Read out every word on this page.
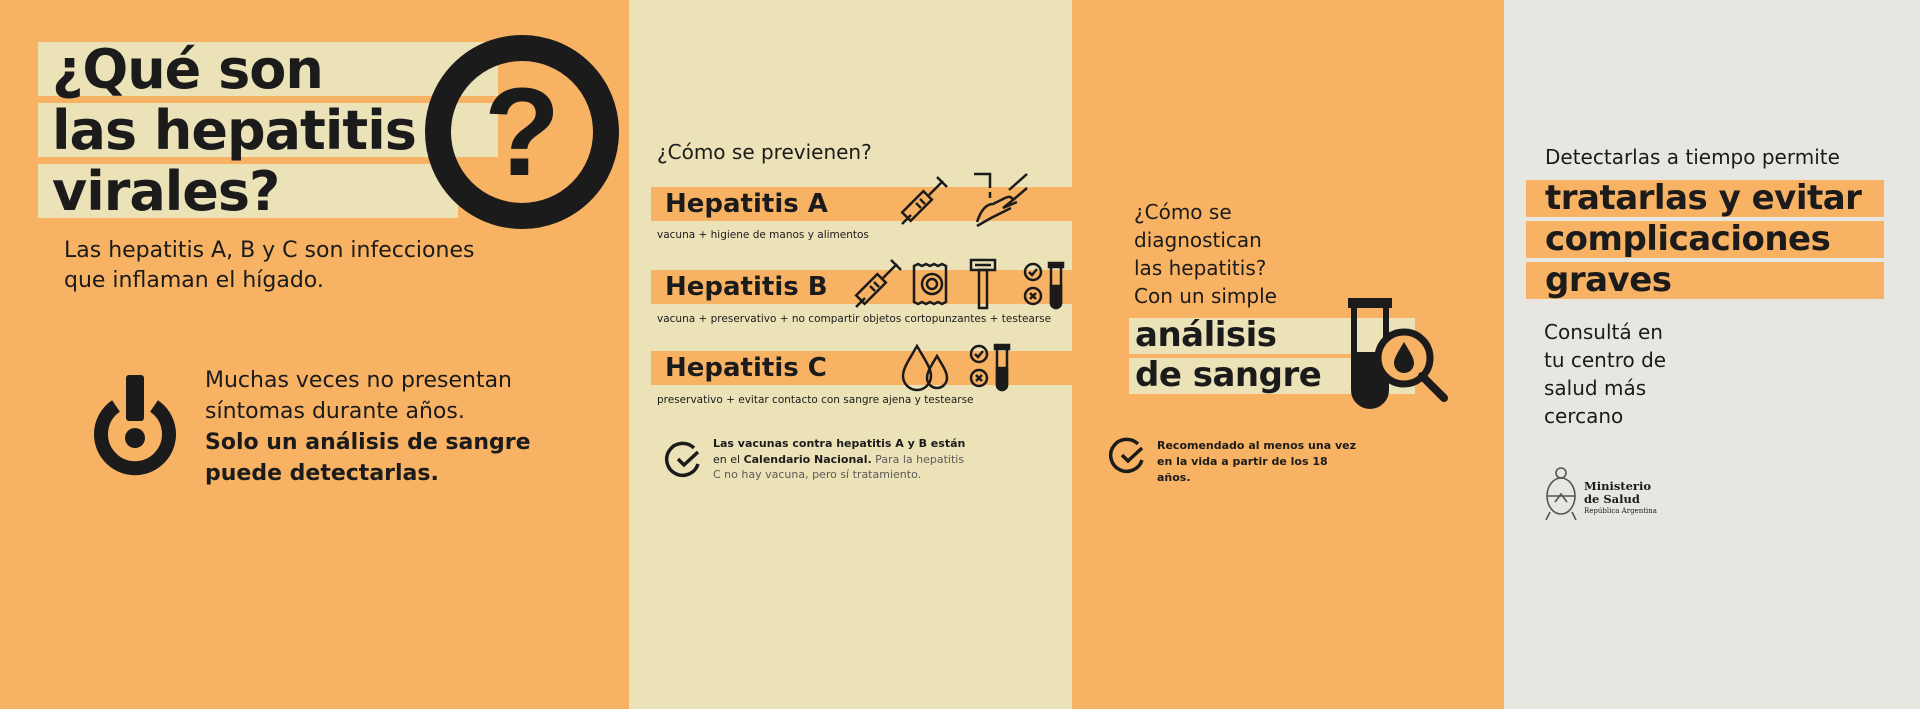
¿Qué son
las hepatitis
virales? ?
Las hepatitis A, B y C son infecciones
que inflaman el hígado.
Muchas veces no presentan
síntomas durante años.
Solo un análisis de sangre
puede detectarlas.
¿Cómo se previenen?
Hepatitis A
vacuna + higiene de manos y alimentos
Hepatitis B
vacuna + preservativo + no compartir objetos cortopunzantes + testearse
Hepatitis C
preservativo + evitar contacto con sangre ajena y testearse
Las vacunas contra hepatitis A y B están
en el Calendario Nacional. Para la hepatitis
C no hay vacuna, pero sí tratamiento.
¿Cómo se
diagnostican
las hepatitis?
Con un simple
análisis
de sangre
Recomendado al menos una vez
en la vida a partir de los 18 años.
Detectarlas a tiempo permite
tratarlas y evitar
complicaciones
graves
Consultá en
tu centro de
salud más
cercano
Ministerio
de Salud
República Argentina
